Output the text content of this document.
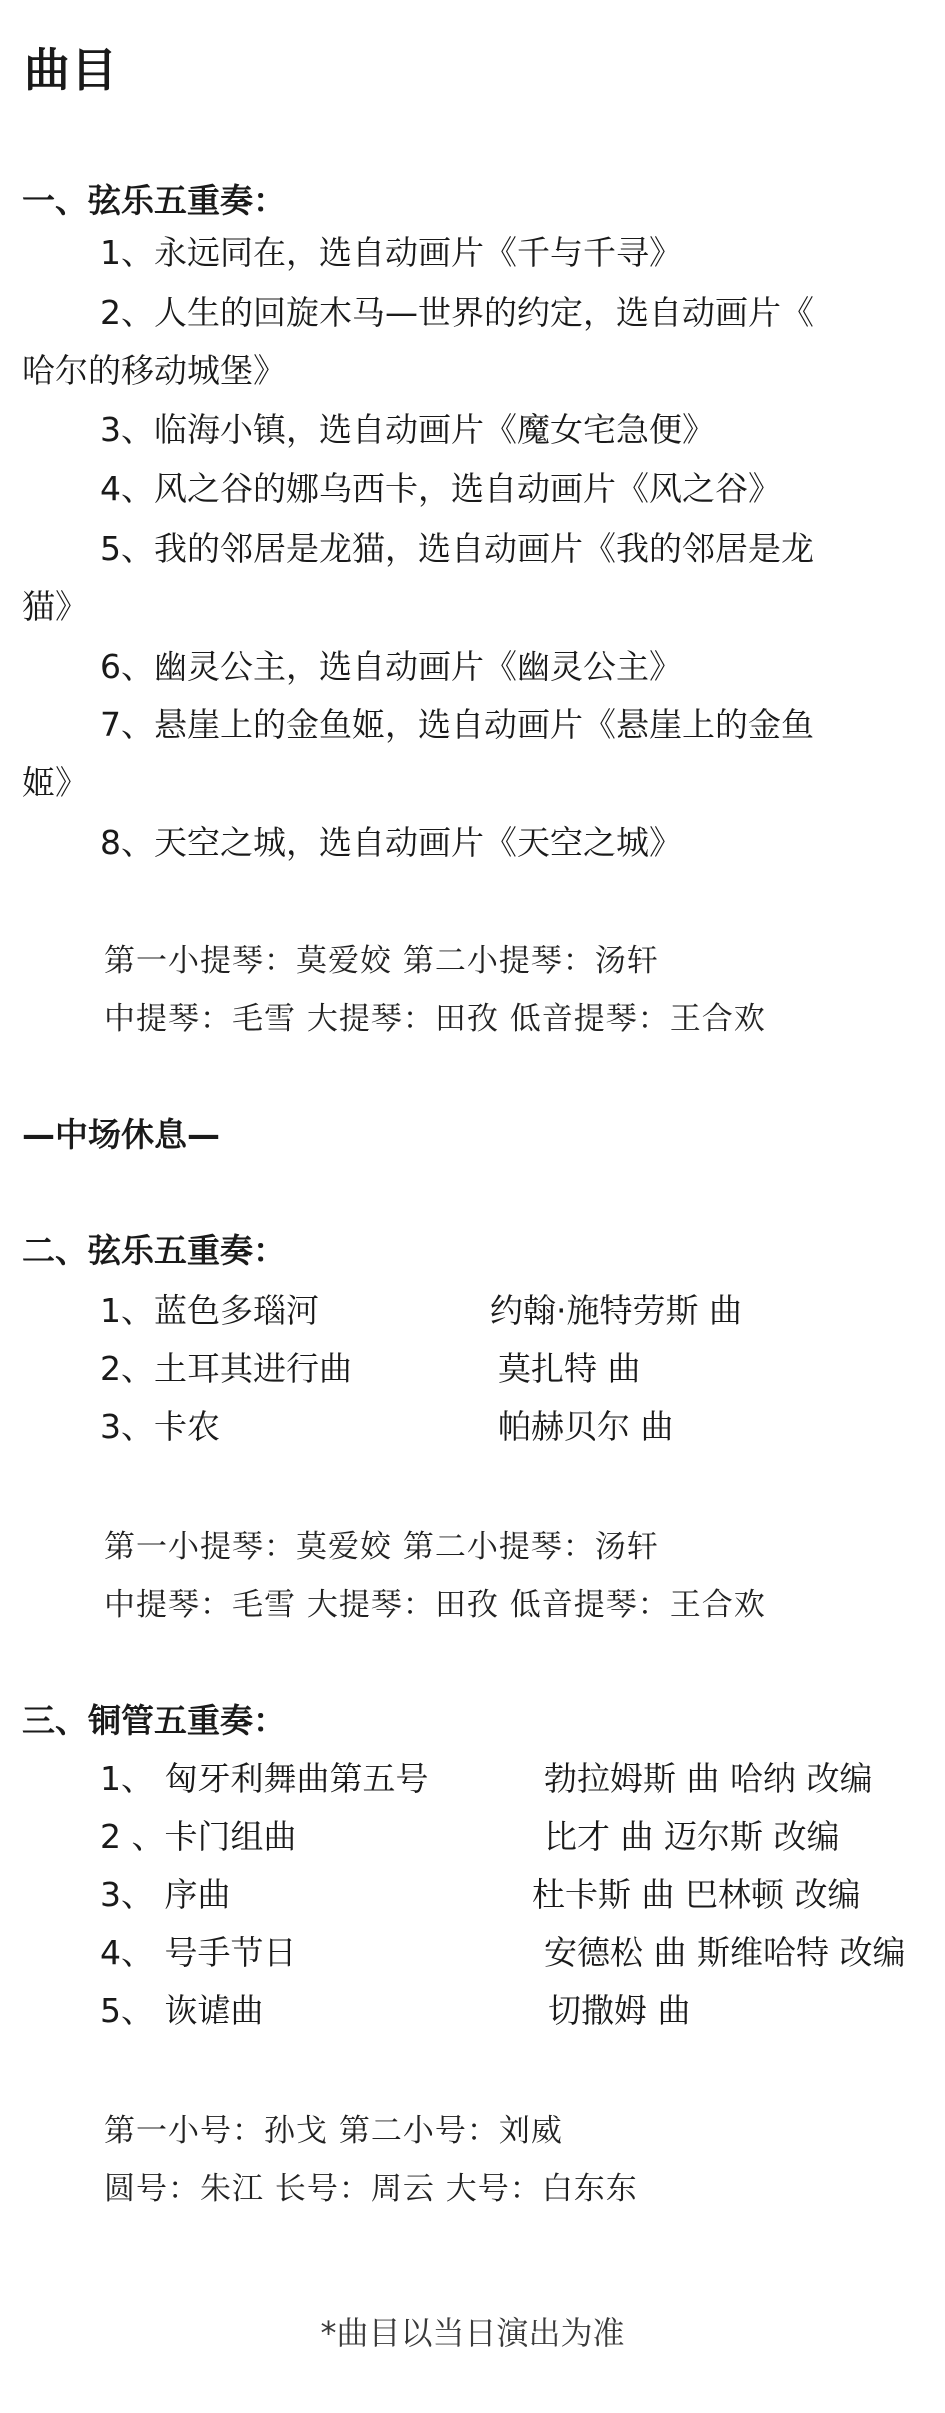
曲目
一、弦乐五重奏：
1、永远同在，选自动画片《千与千寻》
2、人生的回旋木马—世界的约定，选自动画片《
哈尔的移动城堡》
3、临海小镇，选自动画片《魔女宅急便》
4、风之谷的娜乌西卡，选自动画片《风之谷》
5、我的邻居是龙猫，选自动画片《我的邻居是龙
猫》
6、幽灵公主，选自动画片《幽灵公主》
7、悬崖上的金鱼姬，选自动画片《悬崖上的金鱼
姬》
8、天空之城，选自动画片《天空之城》
第一小提琴：莫爱姣 第二小提琴：汤轩
中提琴：毛雪 大提琴：田孜 低音提琴：王合欢
—中场休息—
二、弦乐五重奏：
1、蓝色多瑙河	约翰·施特劳斯 曲
2、土耳其进行曲	莫扎特 曲
3、卡农	帕赫贝尔 曲
第一小提琴：莫爱姣 第二小提琴：汤轩
中提琴：毛雪 大提琴：田孜 低音提琴：王合欢
三、铜管五重奏：
1、 匈牙利舞曲第五号	勃拉姆斯 曲 哈纳 改编
2 、卡门组曲	比才 曲 迈尔斯 改编
3、 序曲	杜卡斯 曲 巴林顿 改编
4、 号手节日	安德松 曲 斯维哈特 改编
5、 诙谑曲	切撒姆 曲
第一小号：孙戈 第二小号：刘威
圆号：朱江 长号：周云 大号：白东东
*曲目以当日演出为准
